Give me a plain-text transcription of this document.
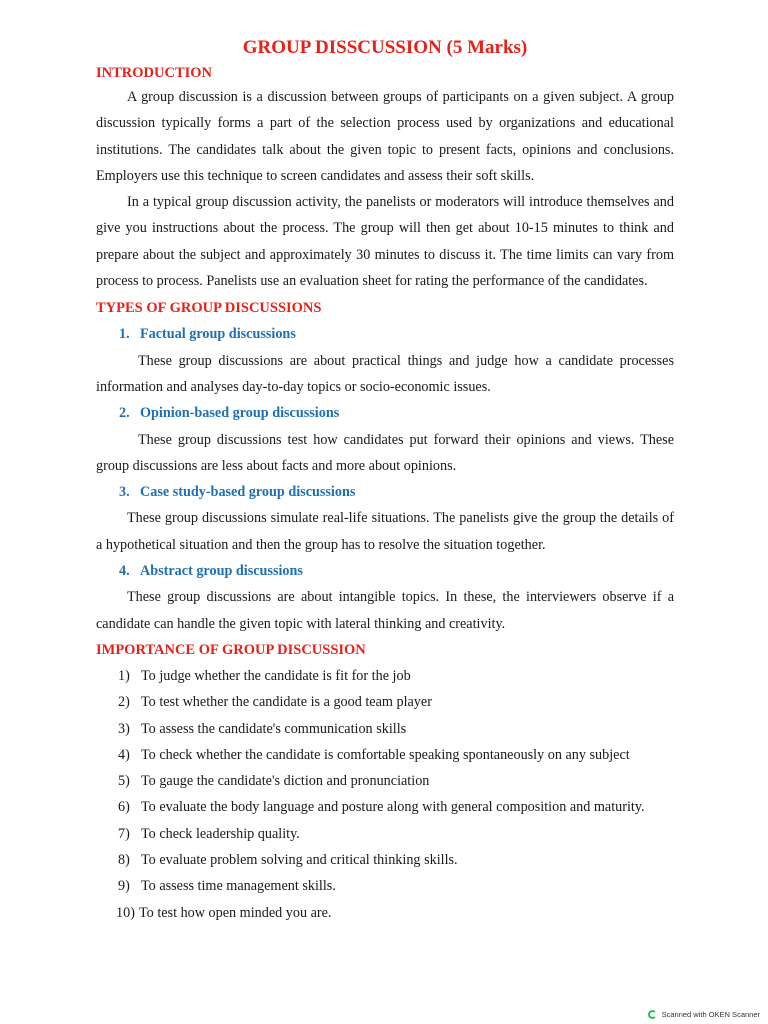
GROUP DISSCUSSION (5 Marks)
INTRODUCTION

A group discussion is a discussion between groups of participants on a given subject. A group discussion typically forms a part of the selection process used by organizations and educational institutions. The candidates talk about the given topic to present facts, opinions and conclusions. Employers use this technique to screen candidates and assess their soft skills.

In a typical group discussion activity, the panelists or moderators will introduce themselves and give you instructions about the process. The group will then get about 10-15 minutes to think and prepare about the subject and approximately 30 minutes to discuss it. The time limits can vary from process to process. Panelists use an evaluation sheet for rating the performance of the candidates.

TYPES OF GROUP DISCUSSIONS
1. Factual group discussions

These group discussions are about practical things and judge how a candidate processes information and analyses day-to-day topics or socio-economic issues.

2. Opinion-based group discussions

These group discussions test how candidates put forward their opinions and views. These group discussions are less about facts and more about opinions.

3. Case study-based group discussions

These group discussions simulate real-life situations. The panelists give the group the details of a hypothetical situation and then the group has to resolve the situation together.

4. Abstract group discussions

These group discussions are about intangible topics. In these, the interviewers observe if a candidate can handle the given topic with lateral thinking and creativity.

IMPORTANCE OF GROUP DISCUSSION
1) To judge whether the candidate is fit for the job
2) To test whether the candidate is a good team player
3) To assess the candidate's communication skills
4) To check whether the candidate is comfortable speaking spontaneously on any subject
5) To gauge the candidate's diction and pronunciation
6) To evaluate the body language and posture along with general composition and maturity.
7) To check leadership quality.
8) To evaluate problem solving and critical thinking skills.
9) To assess time management skills.
10) To test how open minded you are.
Scanned with OKEN Scanner
